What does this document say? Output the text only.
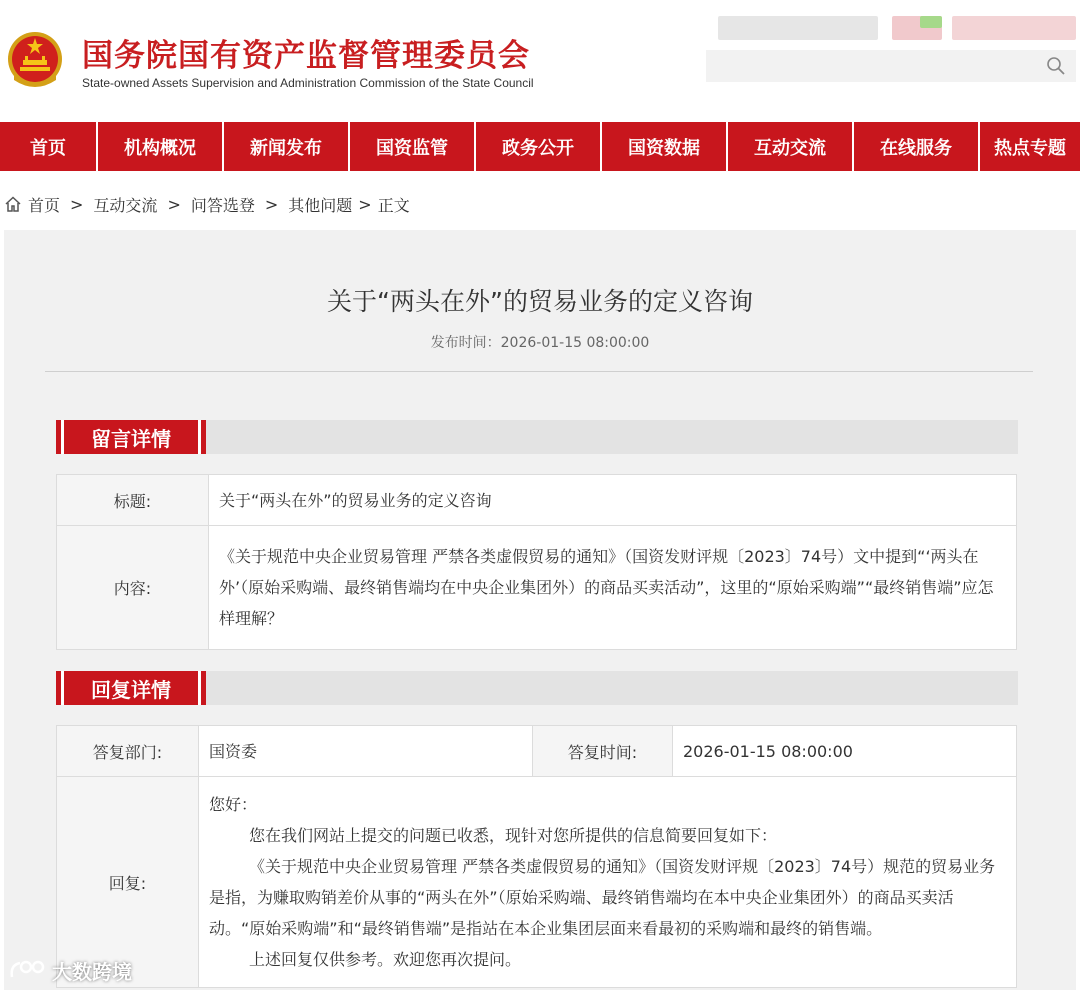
国务院国有资产监督管理委员会
State-owned Assets Supervision and Administration Commission of the State Council
首页	机构概况	新闻发布	国资监管	政务公开	国资数据	互动交流	在线服务	热点专题
首页 > 互动交流 > 问答选登 > 其他问题 > 正文
关于“两头在外”的贸易业务的定义咨询
发布时间：2026-01-15 08:00:00
留言详情
标题:	关于“两头在外”的贸易业务的定义咨询
内容:	《关于规范中央企业贸易管理 严禁各类虚假贸易的通知》（国资发财评规〔2023〕74号）文中提到“‘两头在外’（原始采购端、最终销售端均在中央企业集团外）的商品买卖活动”，这里的“原始采购端”“最终销售端”应怎样理解？
回复详情
答复部门:	国资委	答复时间:	2026-01-15 08:00:00
回复:	您好：

您在我们网站上提交的问题已收悉，现针对您所提供的信息简要回复如下：

《关于规范中央企业贸易管理 严禁各类虚假贸易的通知》（国资发财评规〔2023〕74号）规范的贸易业务是指，为赚取购销差价从事的“两头在外”（原始采购端、最终销售端均在本中央企业集团外）的商品买卖活动。“原始采购端”和“最终销售端”是指站在本企业集团层面来看最初的采购端和最终的销售端。

上述回复仅供参考。欢迎您再次提问。		

大数跨境
